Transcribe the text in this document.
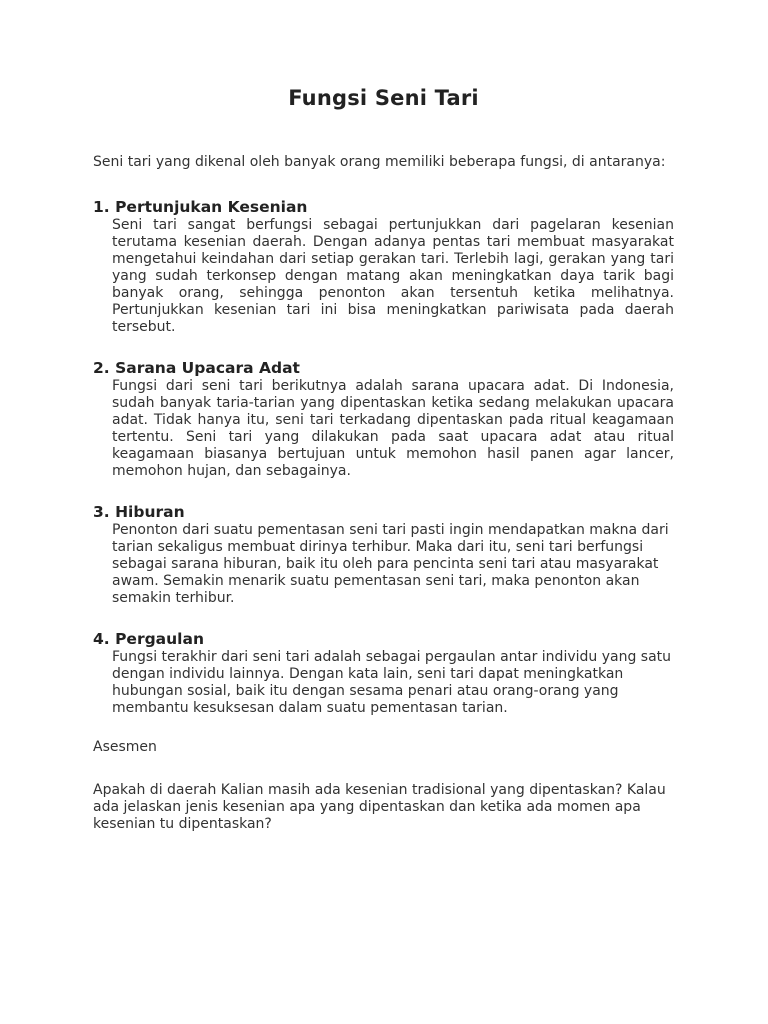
Fungsi Seni Tari

Seni tari yang dikenal oleh banyak orang memiliki beberapa fungsi, di antaranya:

1. Pertunjukan Kesenian

Seni tari sangat berfungsi sebagai pertunjukkan dari pagelaran kesenian terutama kesenian daerah. Dengan adanya pentas tari membuat masyarakat mengetahui keindahan dari setiap gerakan tari. Terlebih lagi, gerakan yang tari yang sudah terkonsep dengan matang akan meningkatkan daya tarik bagi banyak orang, sehingga penonton akan tersentuh ketika melihatnya. Pertunjukkan kesenian tari ini bisa meningkatkan pariwisata pada daerah tersebut.

2. Sarana Upacara Adat

Fungsi dari seni tari berikutnya adalah sarana upacara adat. Di Indonesia, sudah banyak taria-tarian yang dipentaskan ketika sedang melakukan upacara adat. Tidak hanya itu, seni tari terkadang dipentaskan pada ritual keagamaan tertentu. Seni tari yang dilakukan pada saat upacara adat atau ritual keagamaan biasanya bertujuan untuk memohon hasil panen agar lancer, memohon hujan, dan sebagainya.

3. Hiburan

Penonton dari suatu pementasan seni tari pasti ingin mendapatkan makna dari tarian sekaligus membuat dirinya terhibur. Maka dari itu, seni tari berfungsi sebagai sarana hiburan, baik itu oleh para pencinta seni tari atau masyarakat awam. Semakin menarik suatu pementasan seni tari, maka penonton akan semakin terhibur.

4. Pergaulan

Fungsi terakhir dari seni tari adalah sebagai pergaulan antar individu yang satu dengan individu lainnya. Dengan kata lain, seni tari dapat meningkatkan hubungan sosial, baik itu dengan sesama penari atau orang-orang yang membantu kesuksesan dalam suatu pementasan tarian.

Asesmen

Apakah di daerah Kalian masih ada kesenian tradisional yang dipentaskan? Kalau ada jelaskan jenis kesenian apa yang dipentaskan dan ketika ada momen apa kesenian tu dipentaskan?
